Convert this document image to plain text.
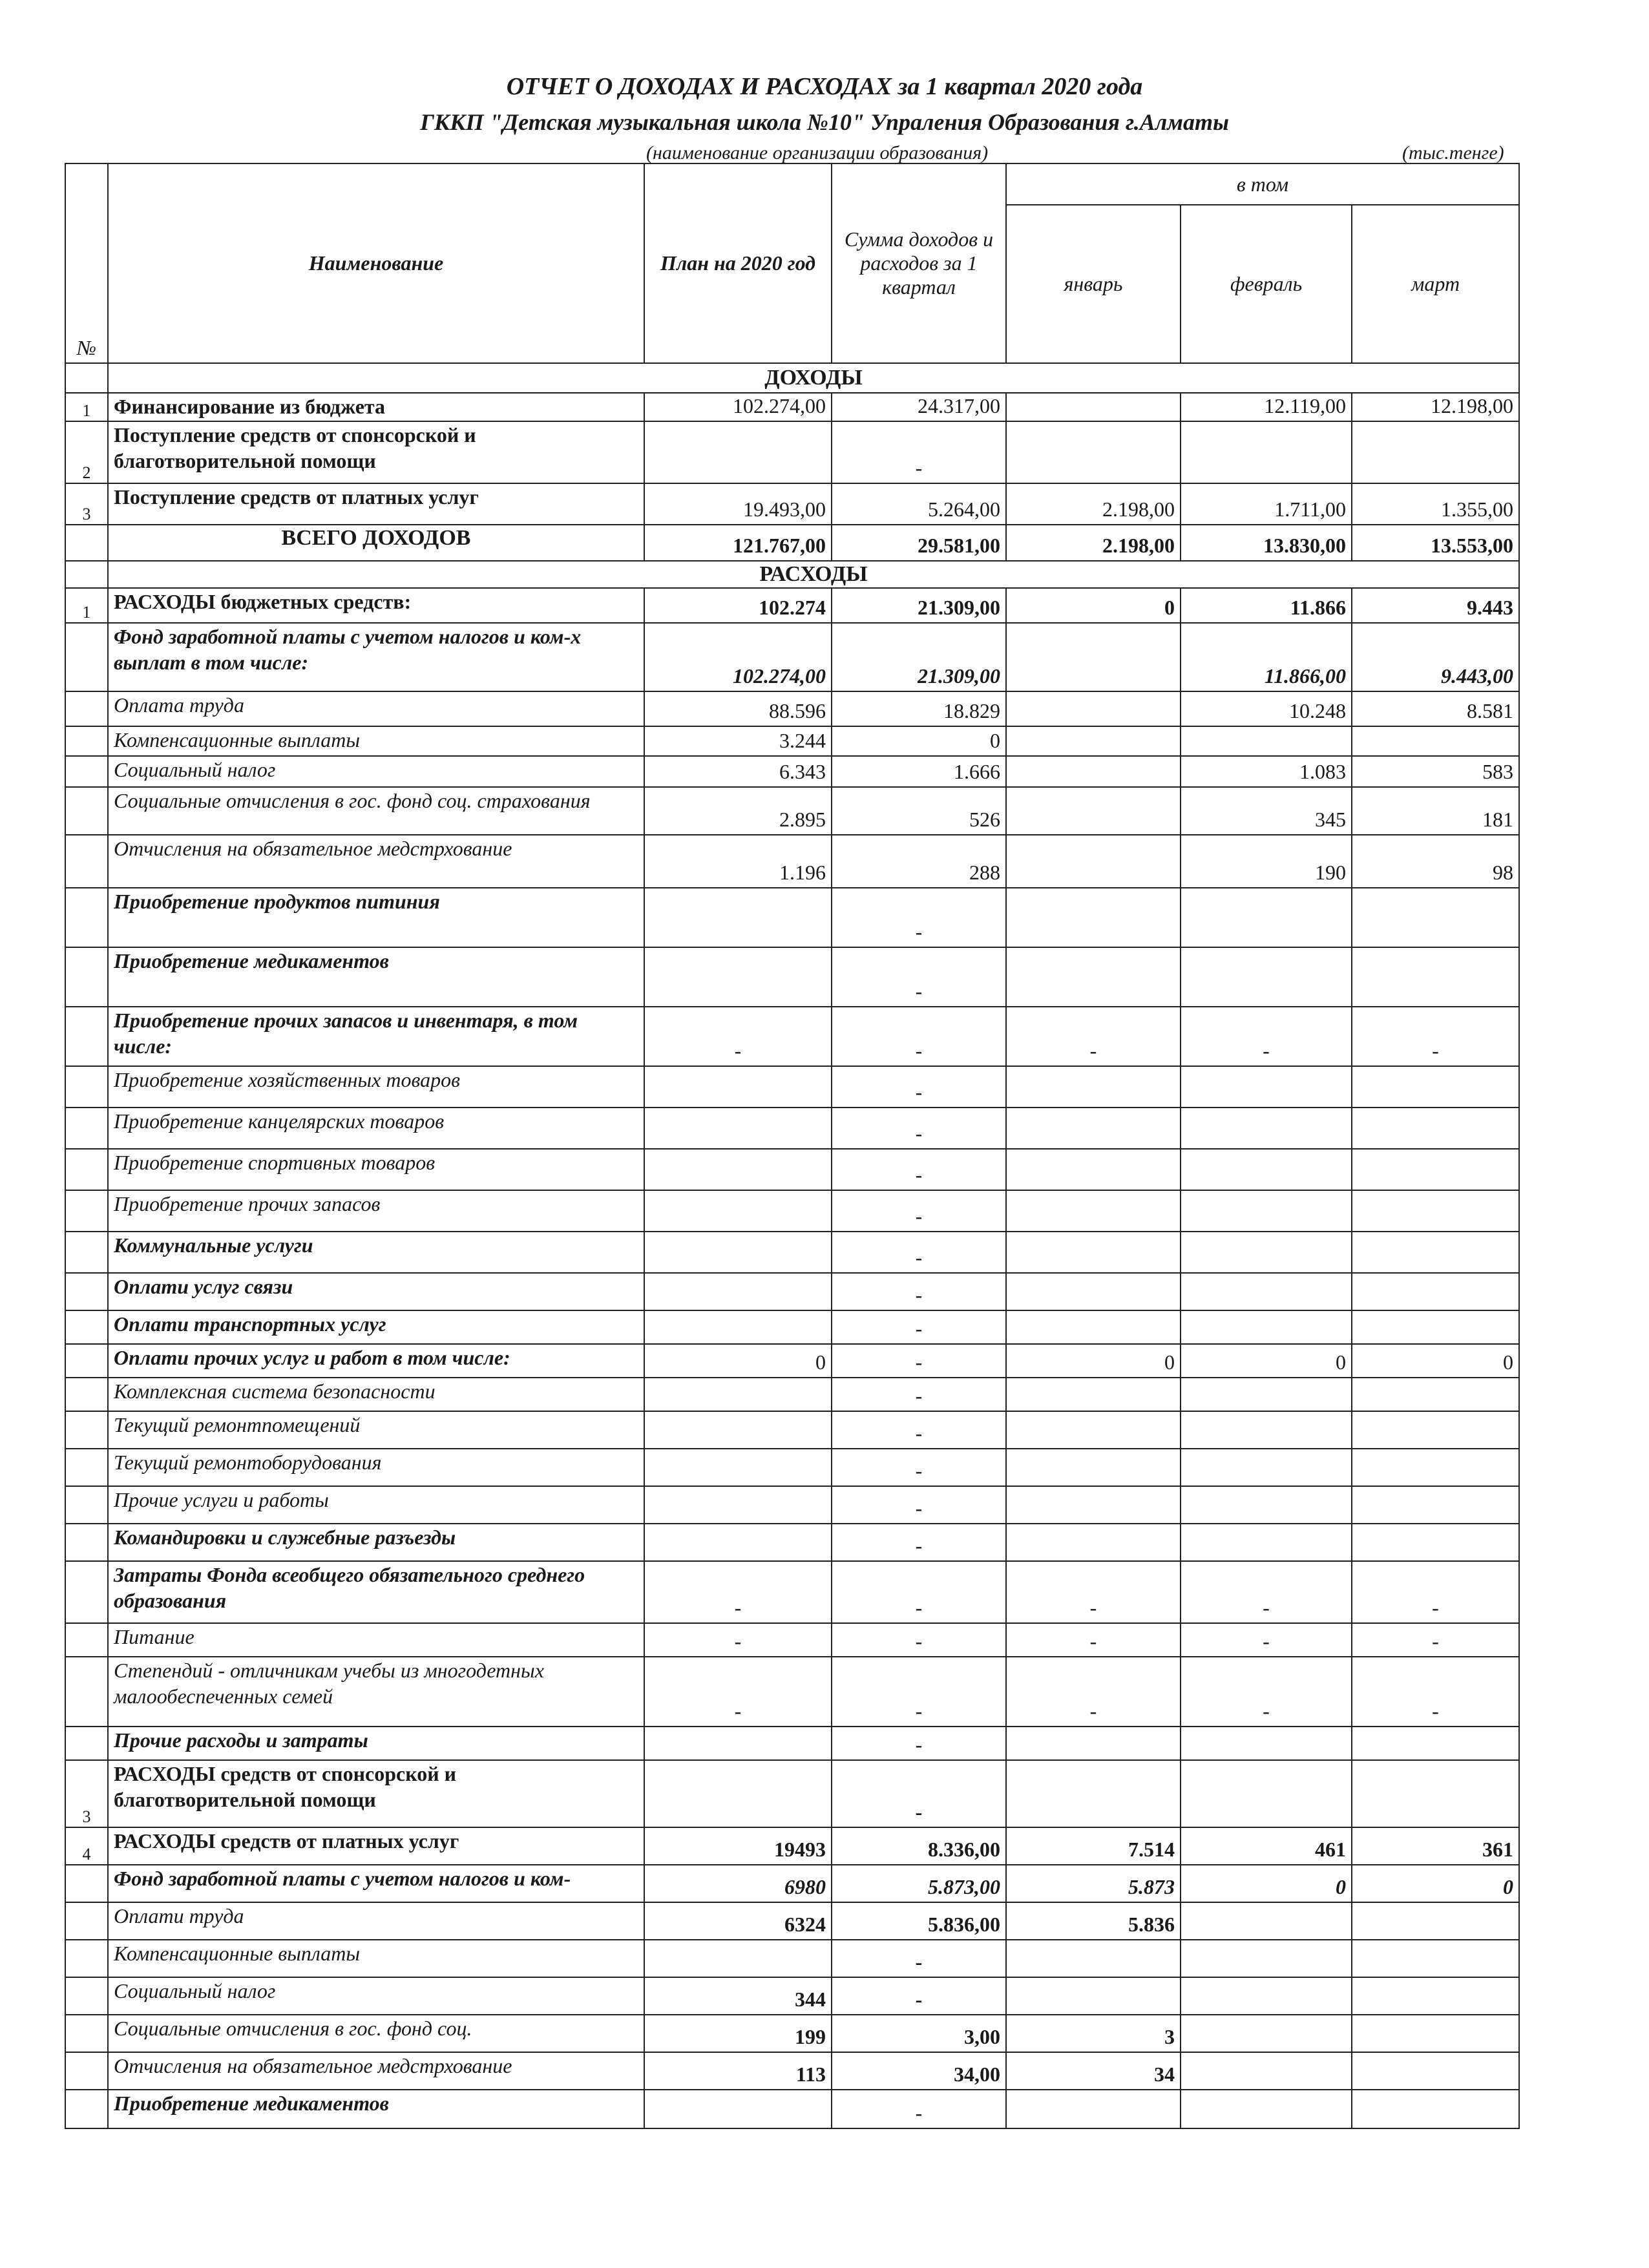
ОТЧЕТ О ДОХОДАХ И РАСХОДАХ за 1 квартал 2020 года
ГККП "Детская музыкальная школа №10" Упраления Образования г.Алматы
(наименование организации образования)	(тыс.тенге)
№	Наименование	План на 2020 год	Сумма доходов и расходов за 1 квартал	в том		
				январь	февраль	март
	ДОХОДЫ					
1	Финансирование из бюджета	102.274,00	24.317,00		12.119,00	12.198,00
2	Поступление средств от спонсорской и благотворительной помощи		-			
3	Поступление средств от платных услуг	19.493,00	5.264,00	2.198,00	1.711,00	1.355,00
	ВСЕГО ДОХОДОВ	121.767,00	29.581,00	2.198,00	13.830,00	13.553,00
	РАСХОДЫ					
1	РАСХОДЫ бюджетных средств:	102.274	21.309,00	0	11.866	9.443
	Фонд заработной платы с учетом налогов и ком-х выплат в том числе:	102.274,00	21.309,00		11.866,00	9.443,00
	Оплата труда	88.596	18.829		10.248	8.581
	Компенсационные выплаты	3.244	0			
	Социальный налог	6.343	1.666		1.083	583
	Социальные отчисления в гос. фонд соц. страхования	2.895	526		345	181
	Отчисления на обязательное медстрхование	1.196	288		190	98
	Приобретение продуктов питиния		-			
	Приобретение медикаментов		-			
	Приобретение прочих запасов и инвентаря, в том числе:	-	-	-	-	-
	Приобретение хозяйственных товаров		-			
	Приобретение канцелярских товаров		-			
	Приобретение спортивных товаров		-			
	Приобретение прочих запасов		-			
	Коммунальные услуги		-			
	Оплати услуг связи		-			
	Оплати транспортных услуг		-			
	Оплати прочих услуг и работ в том числе:	0	-	0	0	0
	Комплексная система безопасности		-			
	Текущий ремонтпомещений		-			
	Текущий ремонтоборудования		-			
	Прочие услуги и работы		-			
	Командировки и служебные разъезды		-			
	Затраты Фонда всеобщего обязательного среднего образования	-	-	-	-	-
	Питание	-	-	-	-	-
	Степендий - отличникам учебы из многодетных малообеспеченных семей	-	-	-	-	-
	Прочие расходы и затраты		-			
3	РАСХОДЫ средств от спонсорской и благотворительной помощи		-			
4	РАСХОДЫ средств от платных услуг	19493	8.336,00	7.514	461	361
	Фонд заработной платы с учетом налогов и ком-	6980	5.873,00	5.873	0	0
	Оплати труда	6324	5.836,00	5.836		
	Компенсационные выплаты		-			
	Социальный налог	344	-			
	Социальные отчисления в гос. фонд соц.	199	3,00	3		
	Отчисления на обязательное медстрхование	113	34,00	34		
	Приобретение медикаментов		-			
